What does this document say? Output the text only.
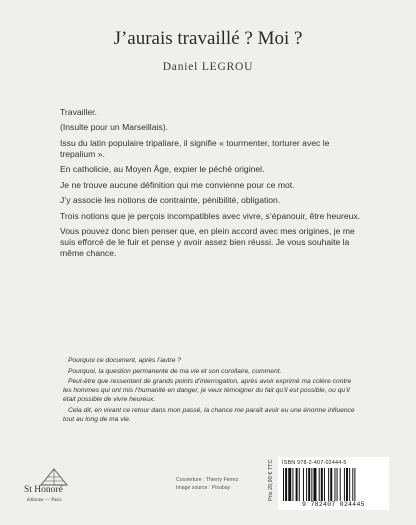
J’aurais travaillé ? Moi ?
Daniel LEGROU

Travailler.

(Insulte pour un Marseillais).

Issu du latin populaire tripaliare, il signifie « tourmenter, torturer avec le trepalium ».

En catholicie, au Moyen Âge, expier le péché originel.

Je ne trouve aucune définition qui me convienne pour ce mot.

J’y associe les notions de contrainte, pénibilité, obligation.

Trois notions que je perçois incompatibles avec vivre, s’épanouir, être heureux.

Vous pouvez donc bien penser que, en plein accord avec mes origines, je me suis efforcé de le fuir et pense y avoir assez bien réussi. Je vous souhaite la même chance.

Pourquoi ce document, après l’autre ?

Pourquoi, la question permanente de ma vie et son corollaire, comment.

Peut-être que ressentant de grands points d’interrogation, après avoir exprimé ma colère contre les hommes qui ont mis l’humanité en danger, je veux témoigner du fait qu’il est possible, ou qu’il était possible de vivre heureux.

Cela dit, en vivant ce retour dans mon passé, la chance me paraît avoir eu une énorme influence tout au long de ma vie.

St Honoré
éditions — Paris
Couverture : Thierry Ferrez
Image source : Pixabay	Prix 20,90 € TTC ISBN 978-2-407-02444-5
9 782407 024445
